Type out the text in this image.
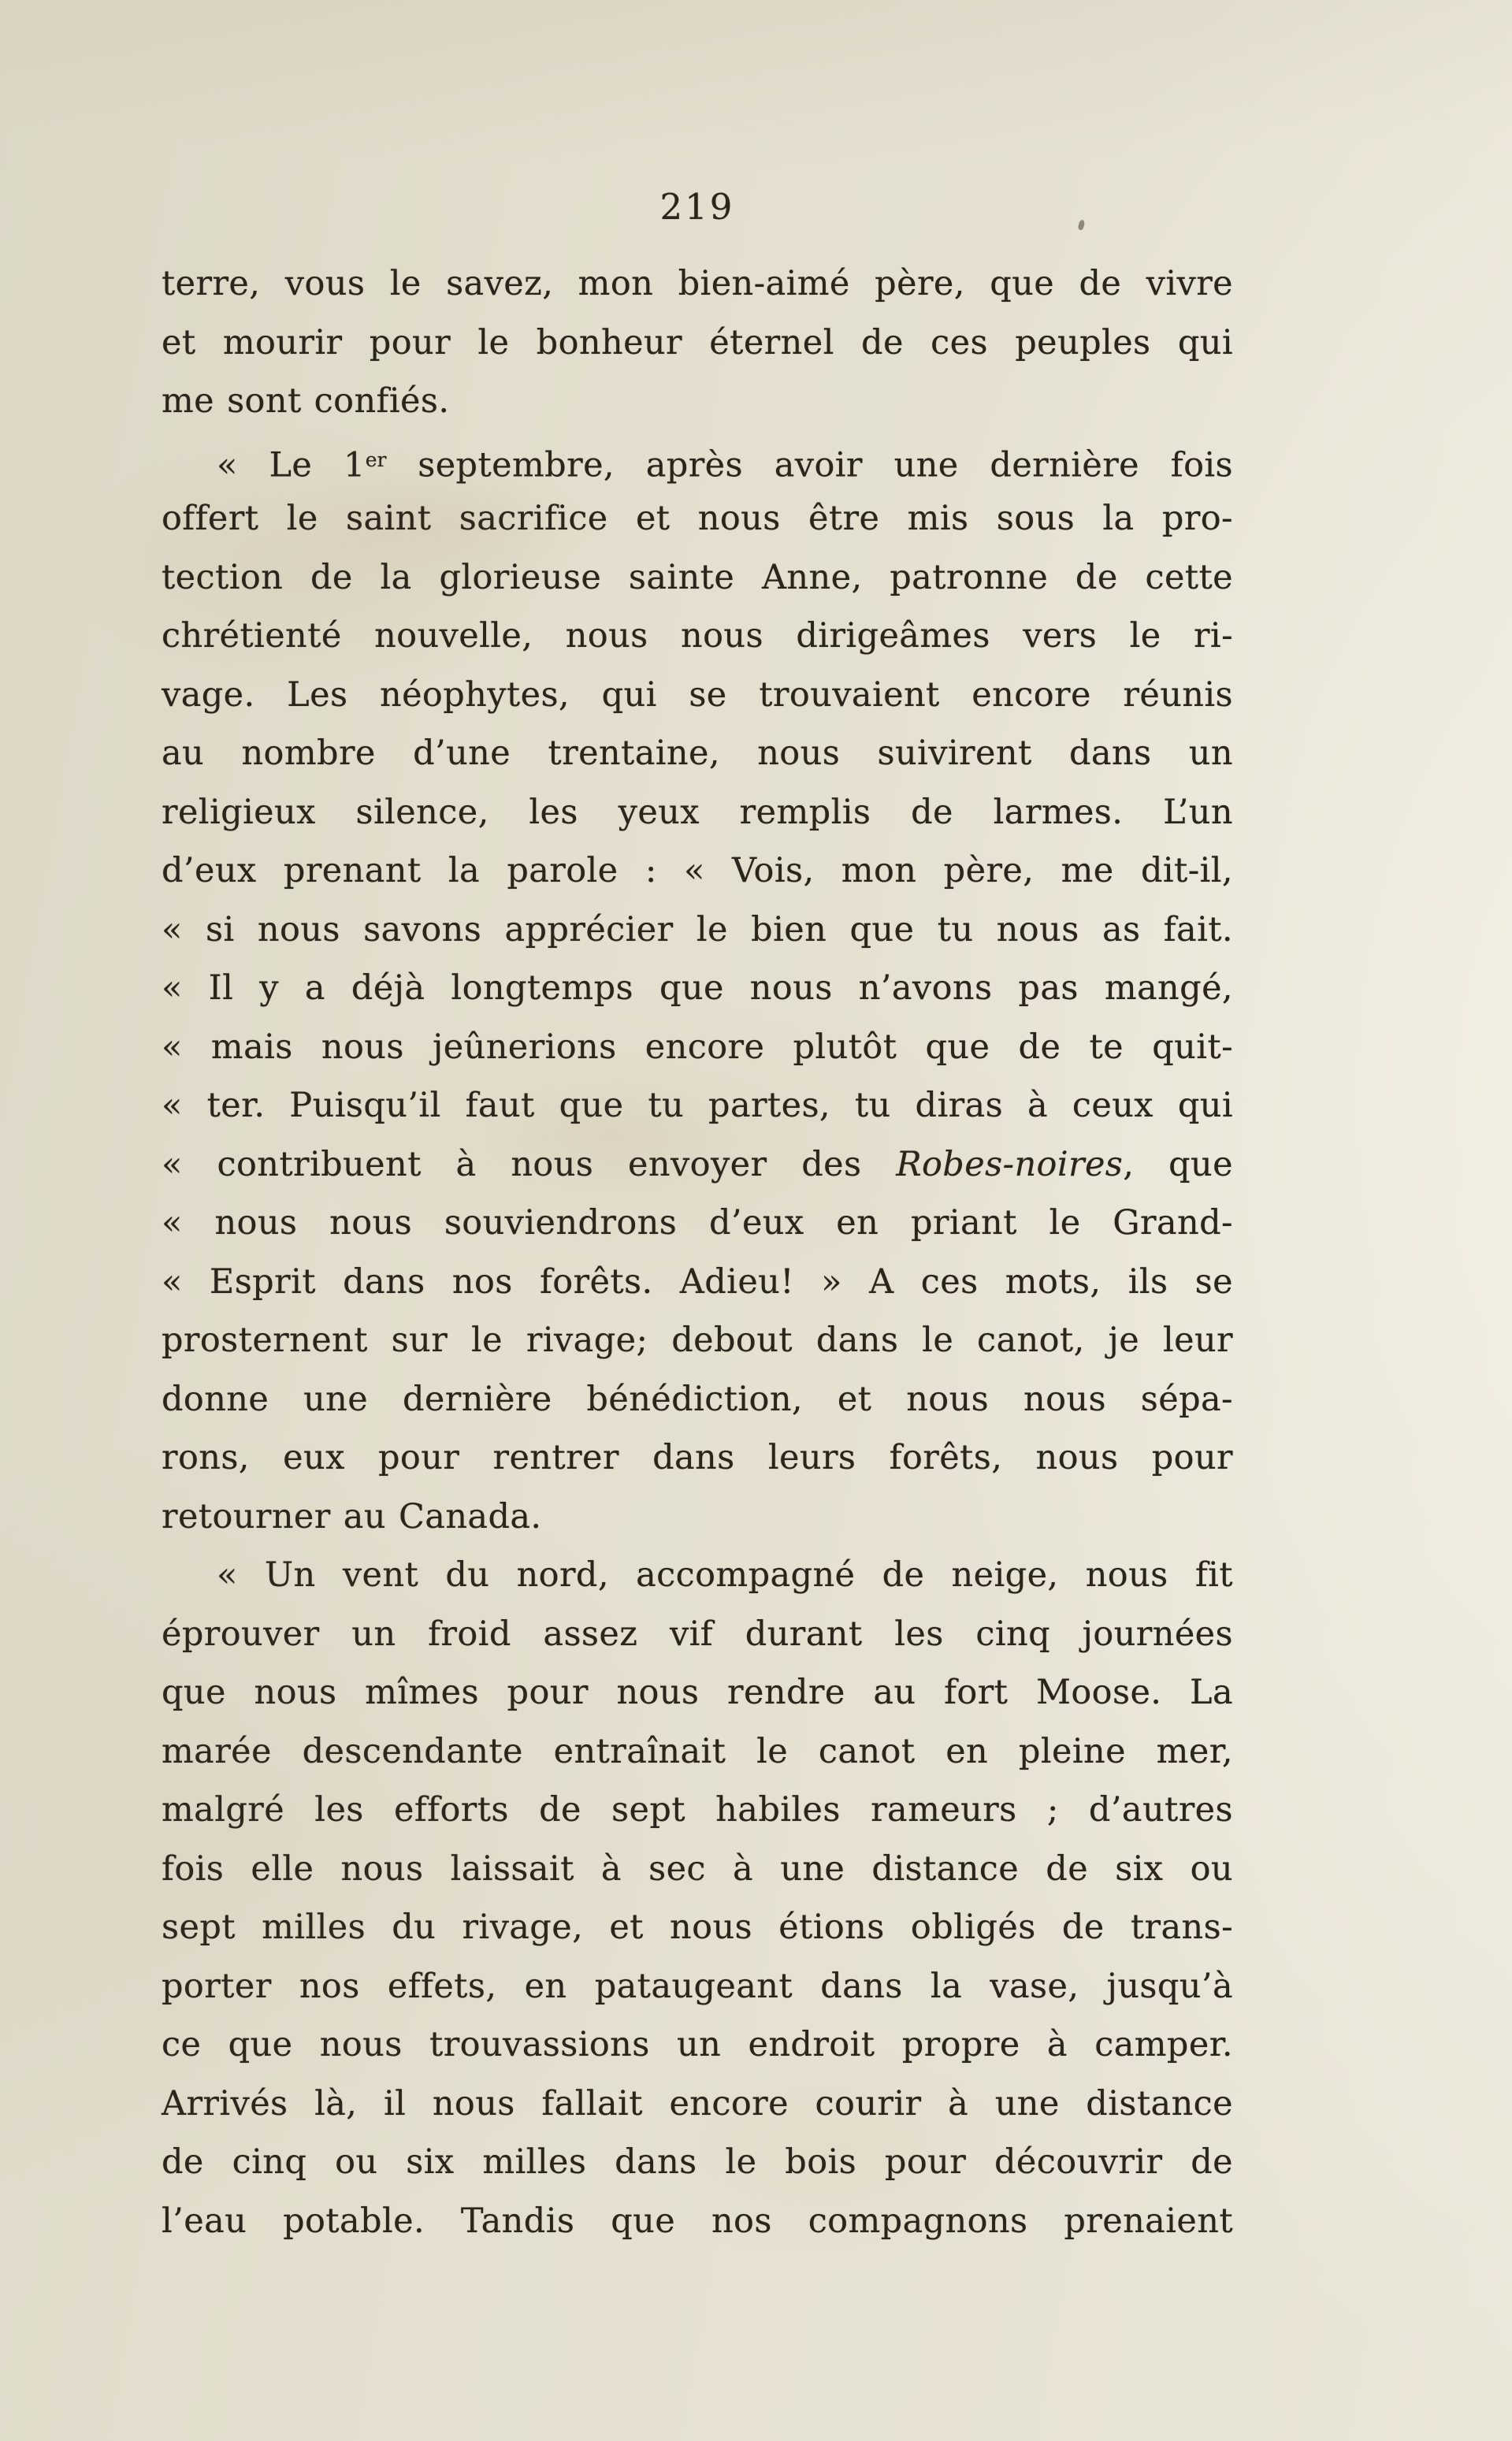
219
terre, vous le savez, mon bien-aimé père, que de vivre
et mourir pour le bonheur éternel de ces peuples qui
me sont confiés.
« Le 1er septembre, après avoir une dernière fois
offert le saint sacrifice et nous être mis sous la pro-
tection de la glorieuse sainte Anne, patronne de cette
chrétienté nouvelle, nous nous dirigeâmes vers le ri-
vage. Les néophytes, qui se trouvaient encore réunis
au nombre d’une trentaine, nous suivirent dans un
religieux silence, les yeux remplis de larmes. L’un
d’eux prenant la parole : « Vois, mon père, me dit-il,
« si nous savons apprécier le bien que tu nous as fait.
« Il y a déjà longtemps que nous n’avons pas mangé,
« mais nous jeûnerions encore plutôt que de te quit-
« ter. Puisqu’il faut que tu partes, tu diras à ceux qui
« contribuent à nous envoyer des Robes-noires, que
« nous nous souviendrons d’eux en priant le Grand-
« Esprit dans nos forêts. Adieu! » A ces mots, ils se
prosternent sur le rivage; debout dans le canot, je leur
donne une dernière bénédiction, et nous nous sépa-
rons, eux pour rentrer dans leurs forêts, nous pour
retourner au Canada.
« Un vent du nord, accompagné de neige, nous fit
éprouver un froid assez vif durant les cinq journées
que nous mîmes pour nous rendre au fort Moose. La
marée descendante entraînait le canot en pleine mer,
malgré les efforts de sept habiles rameurs ; d’autres
fois elle nous laissait à sec à une distance de six ou
sept milles du rivage, et nous étions obligés de trans-
porter nos effets, en pataugeant dans la vase, jusqu’à
ce que nous trouvassions un endroit propre à camper.
Arrivés là, il nous fallait encore courir à une distance
de cinq ou six milles dans le bois pour découvrir de
l’eau potable. Tandis que nos compagnons prenaient
